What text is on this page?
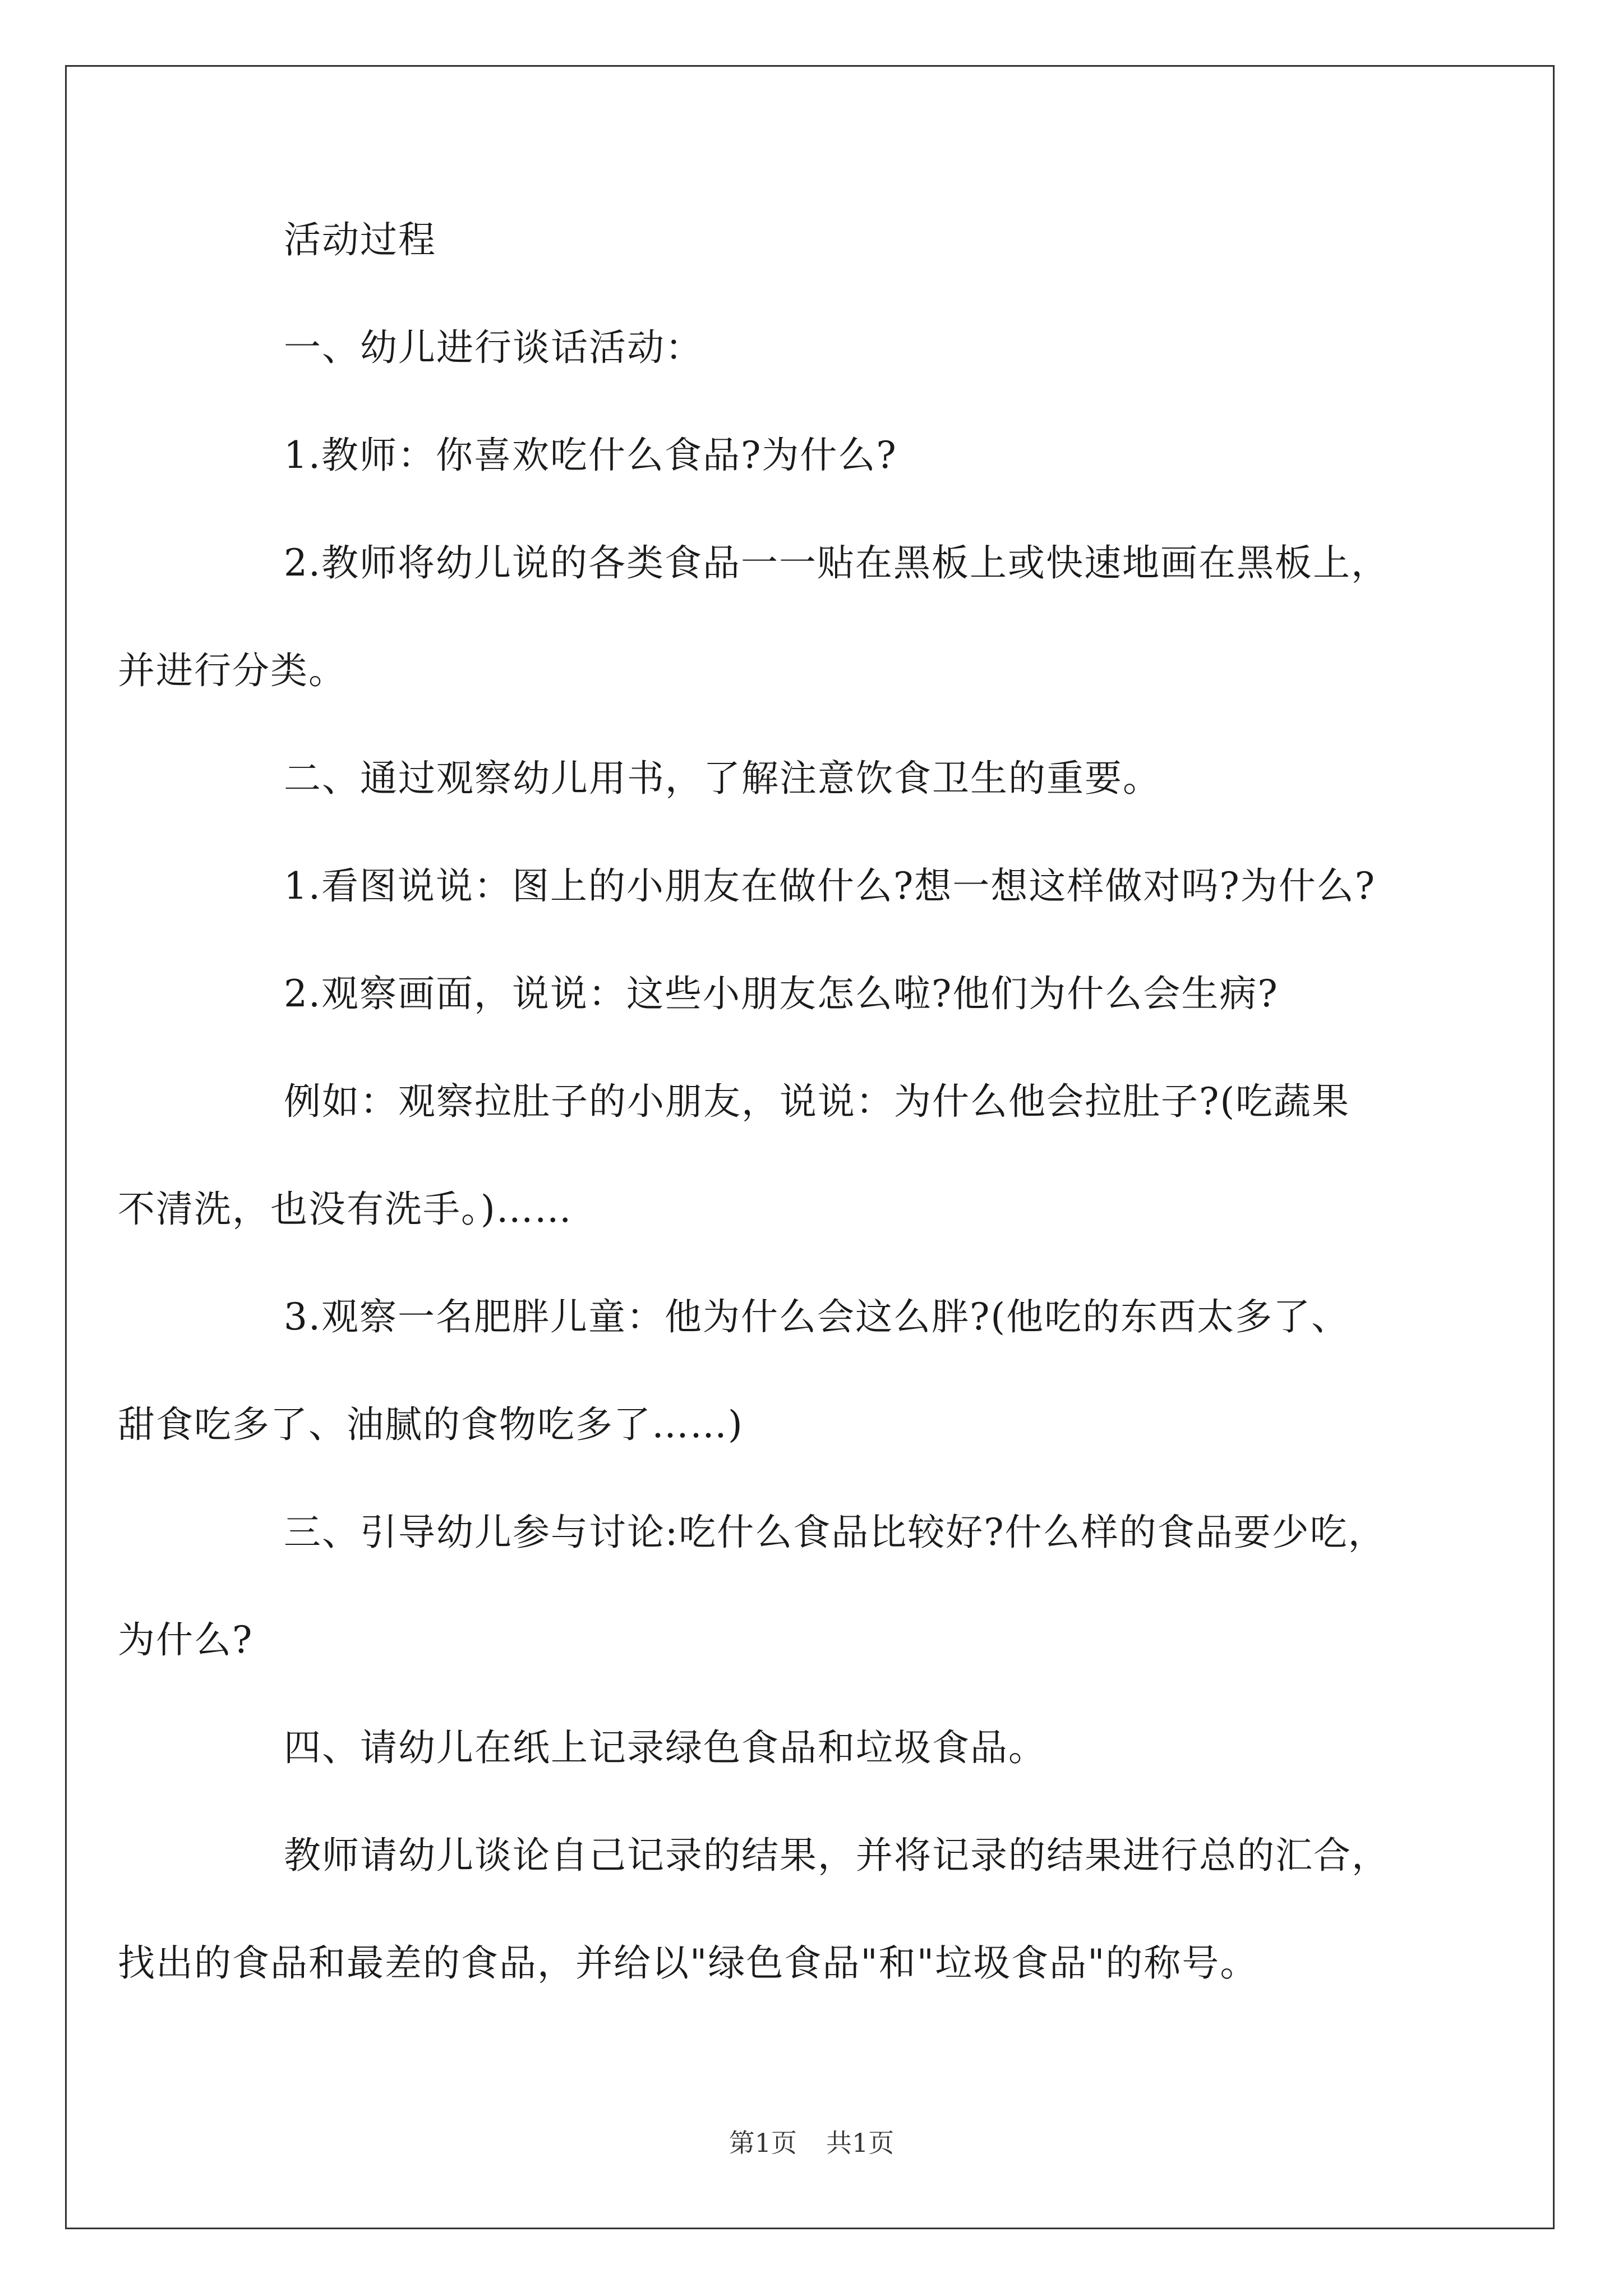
活动过程

一、幼儿进行谈话活动：

1.教师：你喜欢吃什么食品?为什么?

2.教师将幼儿说的各类食品一一贴在黑板上或快速地画在黑板上，

并进行分类。

二、通过观察幼儿用书，了解注意饮食卫生的重要。

1.看图说说：图上的小朋友在做什么?想一想这样做对吗?为什么?

2.观察画面，说说：这些小朋友怎么啦?他们为什么会生病?

例如：观察拉肚子的小朋友，说说：为什么他会拉肚子?(吃蔬果

不清洗，也没有洗手。)……

3.观察一名肥胖儿童：他为什么会这么胖?(他吃的东西太多了、

甜食吃多了、油腻的食物吃多了……)

三、引导幼儿参与讨论:吃什么食品比较好?什么样的食品要少吃，

为什么?

四、请幼儿在纸上记录绿色食品和垃圾食品。

教师请幼儿谈论自己记录的结果，并将记录的结果进行总的汇合，

找出的食品和最差的食品，并给以"绿色食品"和"垃圾食品"的称号。

第1页 共1页
